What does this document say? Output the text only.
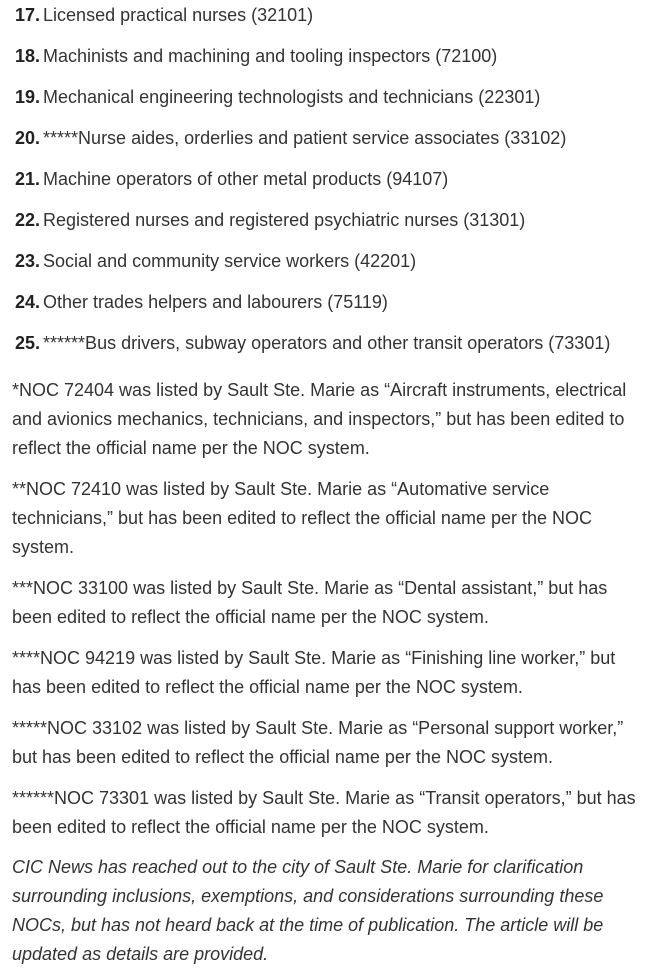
17. Licensed practical nurses (32101)
18. Machinists and machining and tooling inspectors (72100)
19. Mechanical engineering technologists and technicians (22301)
20. *****Nurse aides, orderlies and patient service associates (33102)
21. Machine operators of other metal products (94107)
22. Registered nurses and registered psychiatric nurses (31301)
23. Social and community service workers (42201)
24. Other trades helpers and labourers (75119)
25. ******Bus drivers, subway operators and other transit operators (73301)

*NOC 72404 was listed by Sault Ste. Marie as “Aircraft instruments, electrical and avionics mechanics, technicians, and inspectors,” but has been edited to reflect the official name per the NOC system.

**NOC 72410 was listed by Sault Ste. Marie as “Automative service technicians,” but has been edited to reflect the official name per the NOC system.

***NOC 33100 was listed by Sault Ste. Marie as “Dental assistant,” but has been edited to reflect the official name per the NOC system.

****NOC 94219 was listed by Sault Ste. Marie as “Finishing line worker,” but has been edited to reflect the official name per the NOC system.

*****NOC 33102 was listed by Sault Ste. Marie as “Personal support worker,” but has been edited to reflect the official name per the NOC system.

******NOC 73301 was listed by Sault Ste. Marie as “Transit operators,” but has been edited to reflect the official name per the NOC system.

CIC News has reached out to the city of Sault Ste. Marie for clarification surrounding inclusions, exemptions, and considerations surrounding these NOCs, but has not heard back at the time of publication. The article will be updated as details are provided.
